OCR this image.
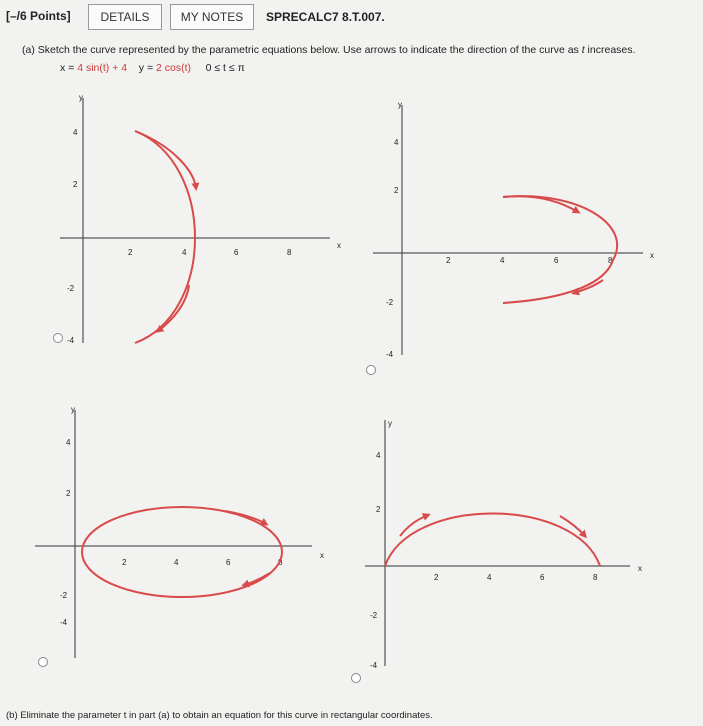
[–/6 Points]	DETAILS	MY NOTES	SPRECALC7 8.T.007.
(a) Sketch the curve represented by the parametric equations below. Use arrows to indicate the direction of the curve as t increases.
x = 4 sin(t) + 4 y = 2 cos(t) 0 ≤ t ≤ π
x
y
2	4	6	8
4
2
-2
-4
x
y
2	4	6	8
4
2
-2
-4
x
y
2	4	6	8
4
2
-2
-4
x
y
2	4	6	8
4
2
-2
-4
(b) Eliminate the parameter t in part (a) to obtain an equation for this curve in rectangular coordinates.
